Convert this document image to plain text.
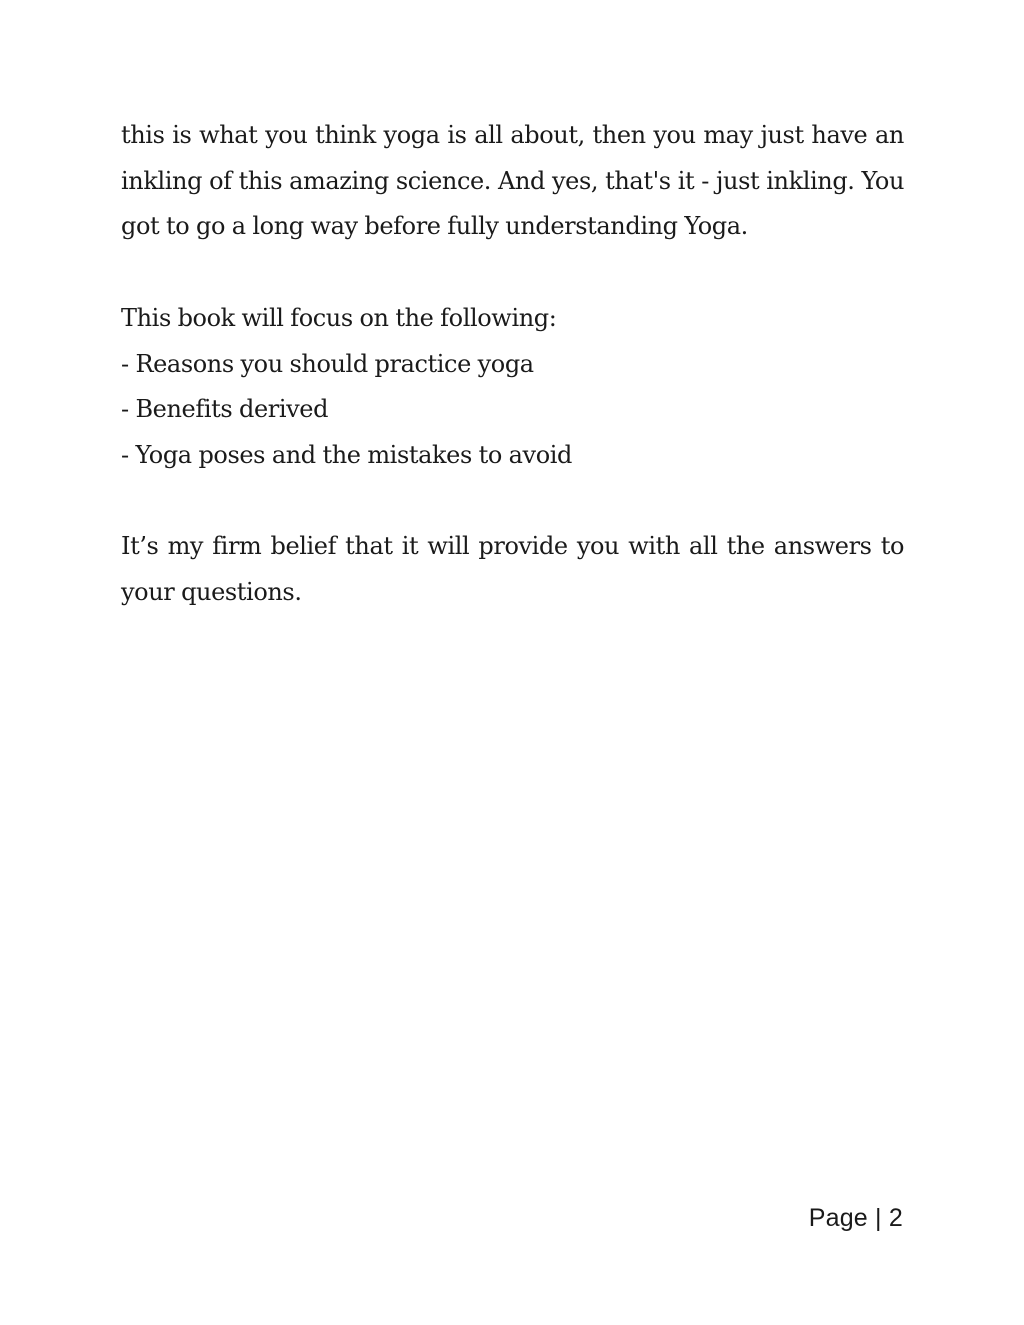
this is what you think yoga is all about, then you may just have an
inkling of this amazing science. And yes, that's it - just inkling. You
got to go a long way before fully understanding Yoga.
This book will focus on the following:
- Reasons you should practice yoga
- Benefits derived
- Yoga poses and the mistakes to avoid
It’s my firm belief that it will provide you with all the answers to
your questions.
Page | 2
